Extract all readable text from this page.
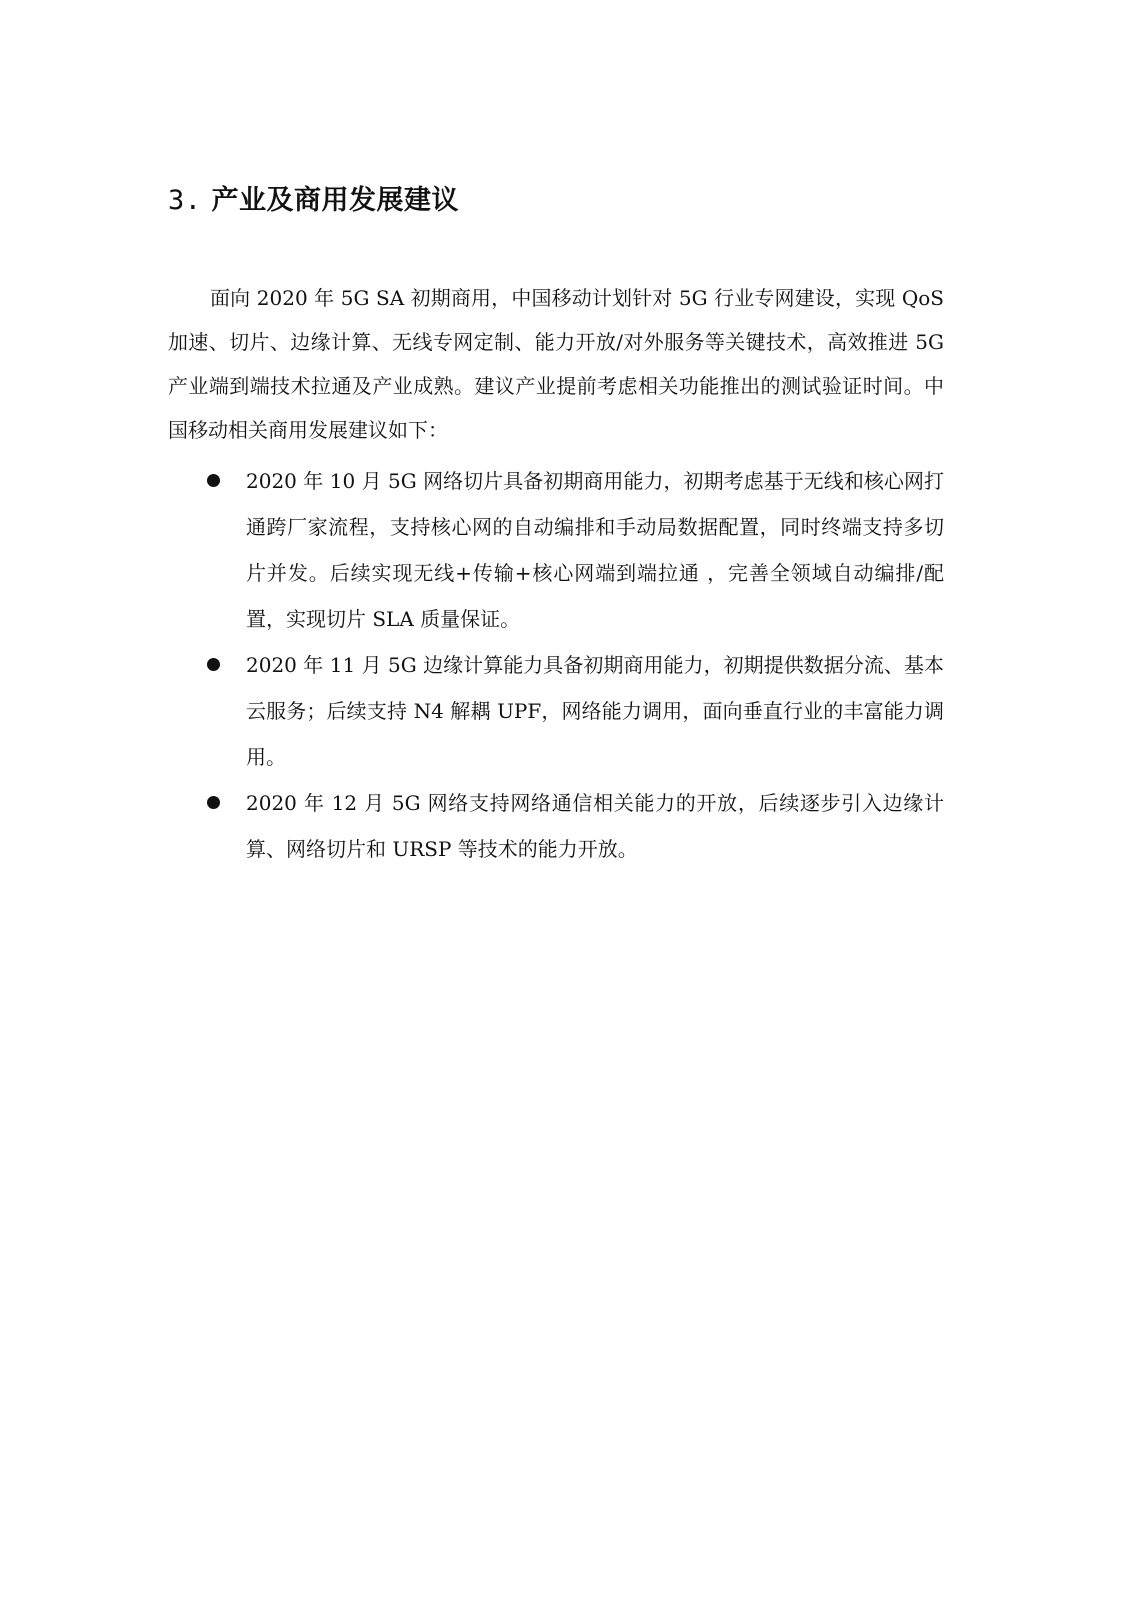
3. 产业及商用发展建议

面向 2020 年 5G SA 初期商用，中国移动计划针对 5G 行业专网建设，实现 QoS 加速、切片、边缘计算、无线专网定制、能力开放/对外服务等关键技术，高效推进 5G 产业端到端技术拉通及产业成熟。建议产业提前考虑相关功能推出的测试验证时间。中国移动相关商用发展建议如下：

2020 年 10 月 5G 网络切片具备初期商用能力，初期考虑基于无线和核心网打通跨厂家流程，支持核心网的自动编排和手动局数据配置，同时终端支持多切片并发。后续实现无线+传输+核心网端到端拉通 ，完善全领域自动编排/配置，实现切片 SLA 质量保证。
2020 年 11 月 5G 边缘计算能力具备初期商用能力，初期提供数据分流、基本云服务；后续支持 N4 解耦 UPF，网络能力调用，面向垂直行业的丰富能力调用。
2020 年 12 月 5G 网络支持网络通信相关能力的开放，后续逐步引入边缘计算、网络切片和 URSP 等技术的能力开放。
